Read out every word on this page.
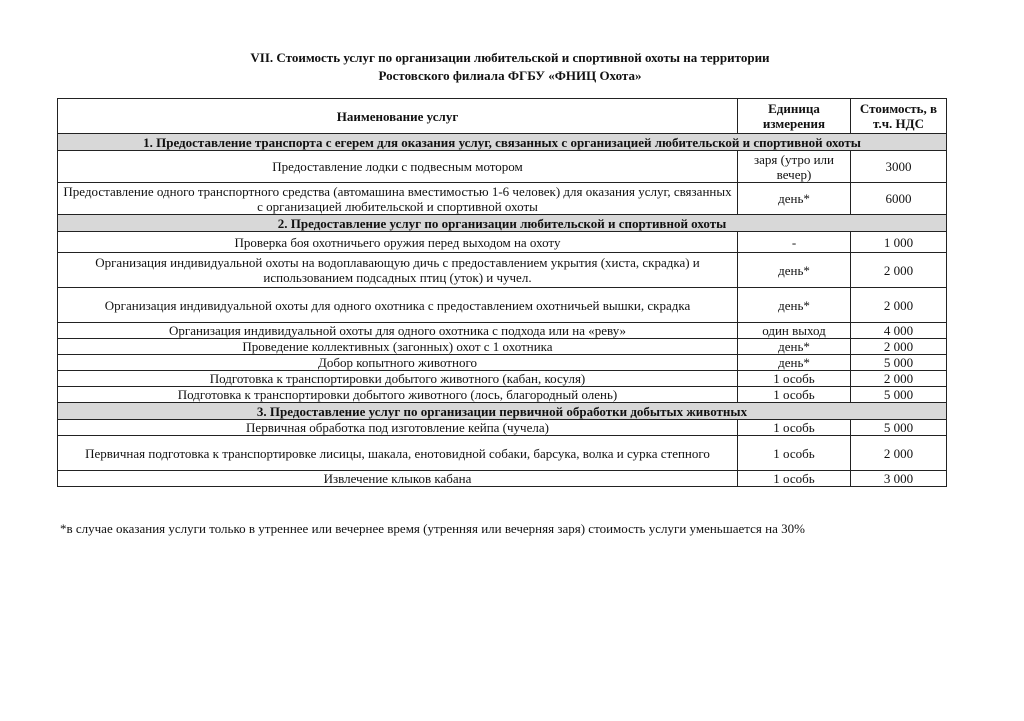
VII. Стоимость услуг по организации любительской и спортивной охоты на территории
Ростовского филиала ФГБУ «ФНИЦ Охота»
Наименование услуг	Единица измерения	Стоимость, в т.ч. НДС
1. Предоставление транспорта с егерем для оказания услуг, связанных с организацией любительской и спортивной охоты		
Предоставление лодки с подвесным мотором	заря (утро или вечер)	3000
Предоставление одного транспортного средства (автомашина вместимостью 1-6 человек) для оказания услуг, связанных с организацией любительской и спортивной охоты	день*	6000
2. Предоставление услуг по организации любительской и спортивной охоты		
Проверка боя охотничьего оружия перед выходом на охоту	-	1 000
Организация индивидуальной охоты на водоплавающую дичь с предоставлением укрытия (хиста, скрадка) и использованием подсадных птиц (уток) и чучел.	день*	2 000
Организация индивидуальной охоты для одного охотника с предоставлением охотничьей вышки, скрадка	день*	2 000
Организация индивидуальной охоты для одного охотника с подхода или на «реву»	один выход	4 000
Проведение коллективных (загонных) охот с 1 охотника	день*	2 000
Добор копытного животного	день*	5 000
Подготовка к транспортировки добытого животного (кабан, косуля)	1 особь	2 000
Подготовка к транспортировки добытого животного (лось, благородный олень)	1 особь	5 000
3. Предоставление услуг по организации первичной обработки добытых животных		
Первичная обработка под изготовление кейпа (чучела)	1 особь	5 000
Первичная подготовка к транспортировке лисицы, шакала, енотовидной собаки, барсука, волка и сурка степного	1 особь	2 000
Извлечение клыков кабана	1 особь	3 000
*в случае оказания услуги только в утреннее или вечернее время (утренняя или вечерняя заря) стоимость услуги уменьшается на 30%
